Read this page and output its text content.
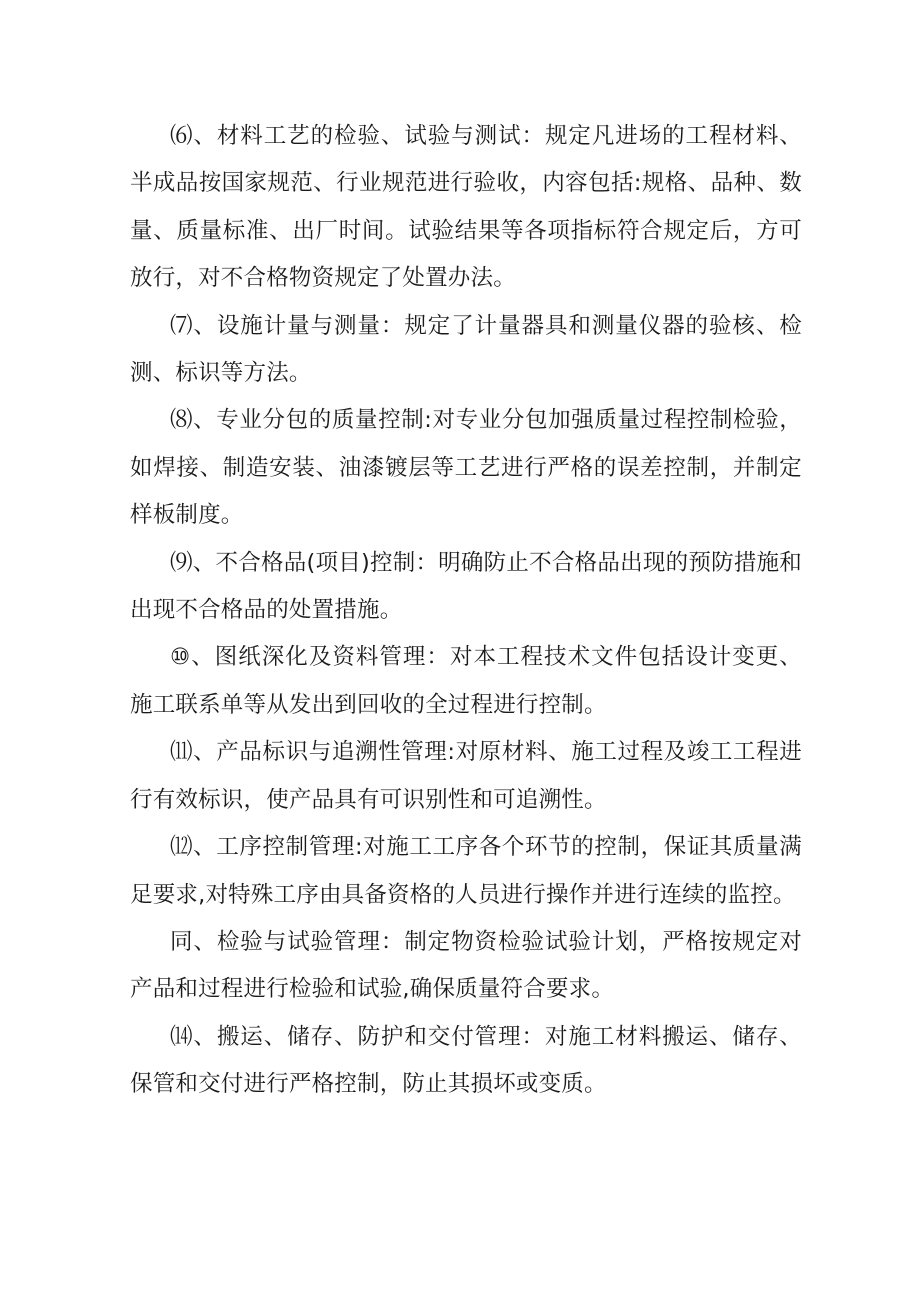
⑹、材料工艺的检验、试验与测试：规定凡进场的工程材料、半成品按国家规范、行业规范进行验收，内容包括:规格、品种、数量、质量标准、出厂时间。试验结果等各项指标符合规定后，方可放行，对不合格物资规定了处置办法。

⑺、设施计量与测量：规定了计量器具和测量仪器的验核、检测、标识等方法。

⑻、专业分包的质量控制:对专业分包加强质量过程控制检验，如焊接、制造安装、油漆镀层等工艺进行严格的误差控制，并制定样板制度。

⑼、不合格品(项目)控制：明确防止不合格品出现的预防措施和出现不合格品的处置措施。

⑩、图纸深化及资料管理：对本工程技术文件包括设计变更、施工联系单等从发出到回收的全过程进行控制。

⑾、产品标识与追溯性管理:对原材料、施工过程及竣工工程进行有效标识，使产品具有可识别性和可追溯性。

⑿、工序控制管理:对施工工序各个环节的控制，保证其质量满足要求,对特殊工序由具备资格的人员进行操作并进行连续的监控。

同、检验与试验管理：制定物资检验试验计划，严格按规定对产品和过程进行检验和试验,确保质量符合要求。

⒁、搬运、储存、防护和交付管理：对施工材料搬运、储存、保管和交付进行严格控制，防止其损坏或变质。
